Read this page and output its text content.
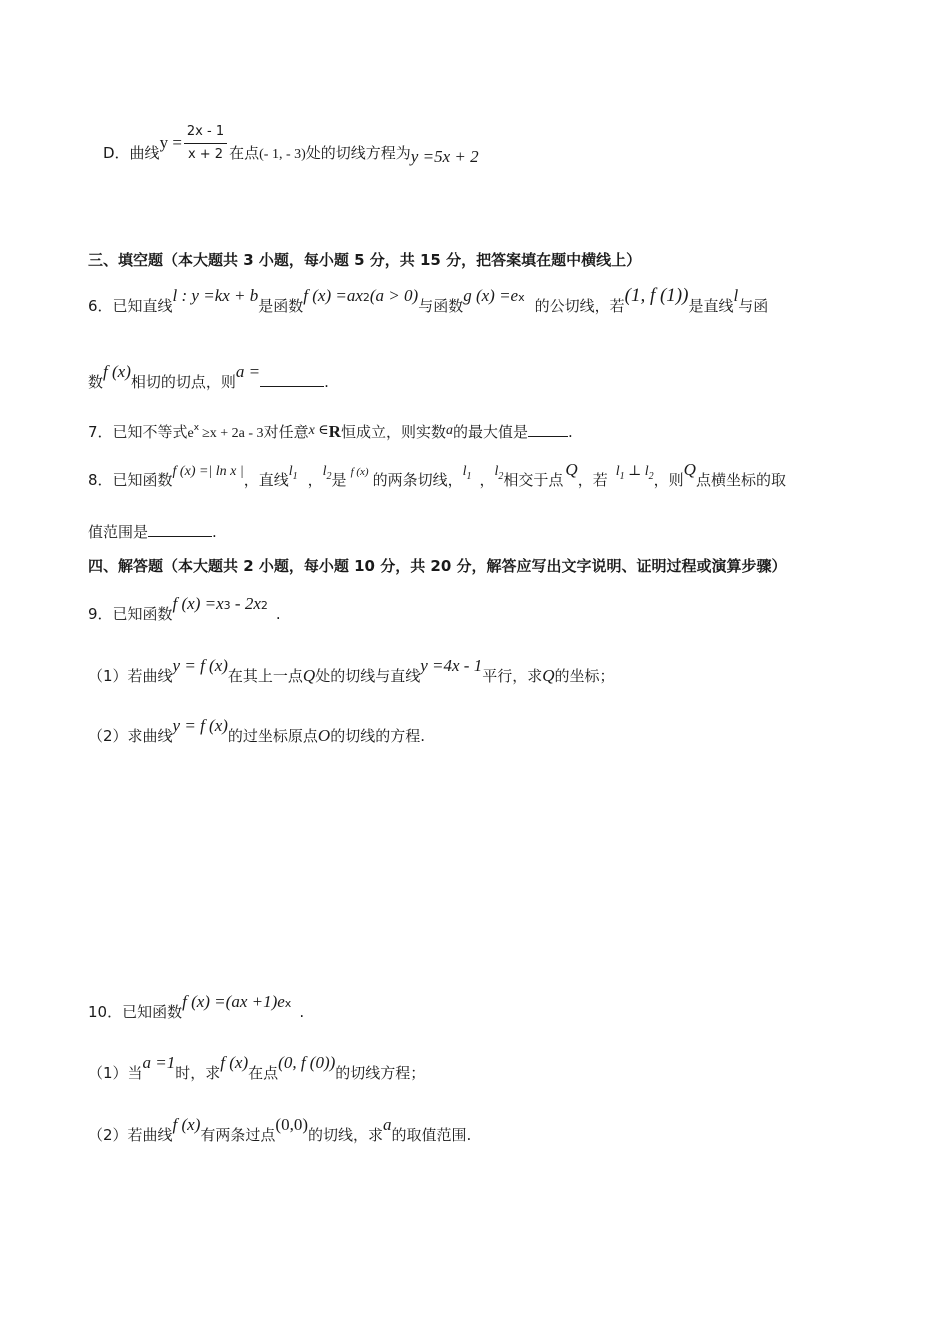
D．曲线$y = \frac{2x - 1}{x + 2}$ 在点(- 1, - 3)处的切线方程为y =5x + 2
三、填空题（本大题共 3 小题，每小题 5 分，共 15 分，把答案填在题中横线上）
6．已知直线l : y =kx + b是函数f $(x) =ax^2(a > 0)$与函数g $(x) =e^x$ 的公切线，若(1, f (1))是直线l与函
数f (x)相切的切点，则a =.
7．已知不等式$e^x \ge x + 2a - 3$对任意x ∈R恒成立，则实数a的最大值是	.
8．已知函数f (x) =| ln x |，直线$l_1$ ，$l_2$是 $^{f (x)}$ 的两条切线，$l_1$ ，$l_2$相交于点Q，若 $l_1$ ⊥ $l_2$，则Q点横坐标的取
值范围是	.
四、解答题（本大题共 2 小题，每小题 10 分，共 20 分，解答应写出文字说明、证明过程或演算步骤）
9．已知函数f $(x) =x^3 - 2x^2$ .
（1）若曲线y = f (x)在其上一点Q处的切线与直线y =4x - 1平行，求Q的坐标；
（2）求曲线y = f (x)的过坐标原点O的切线的方程.
10．已知函数f $(x) =(ax +1)e^x$ .
（1）当a =1时，求f (x)在点(0, f (0))的切线方程；
（2）若曲线f (x)有两条过点(0,0)的切线，求a的取值范围.
